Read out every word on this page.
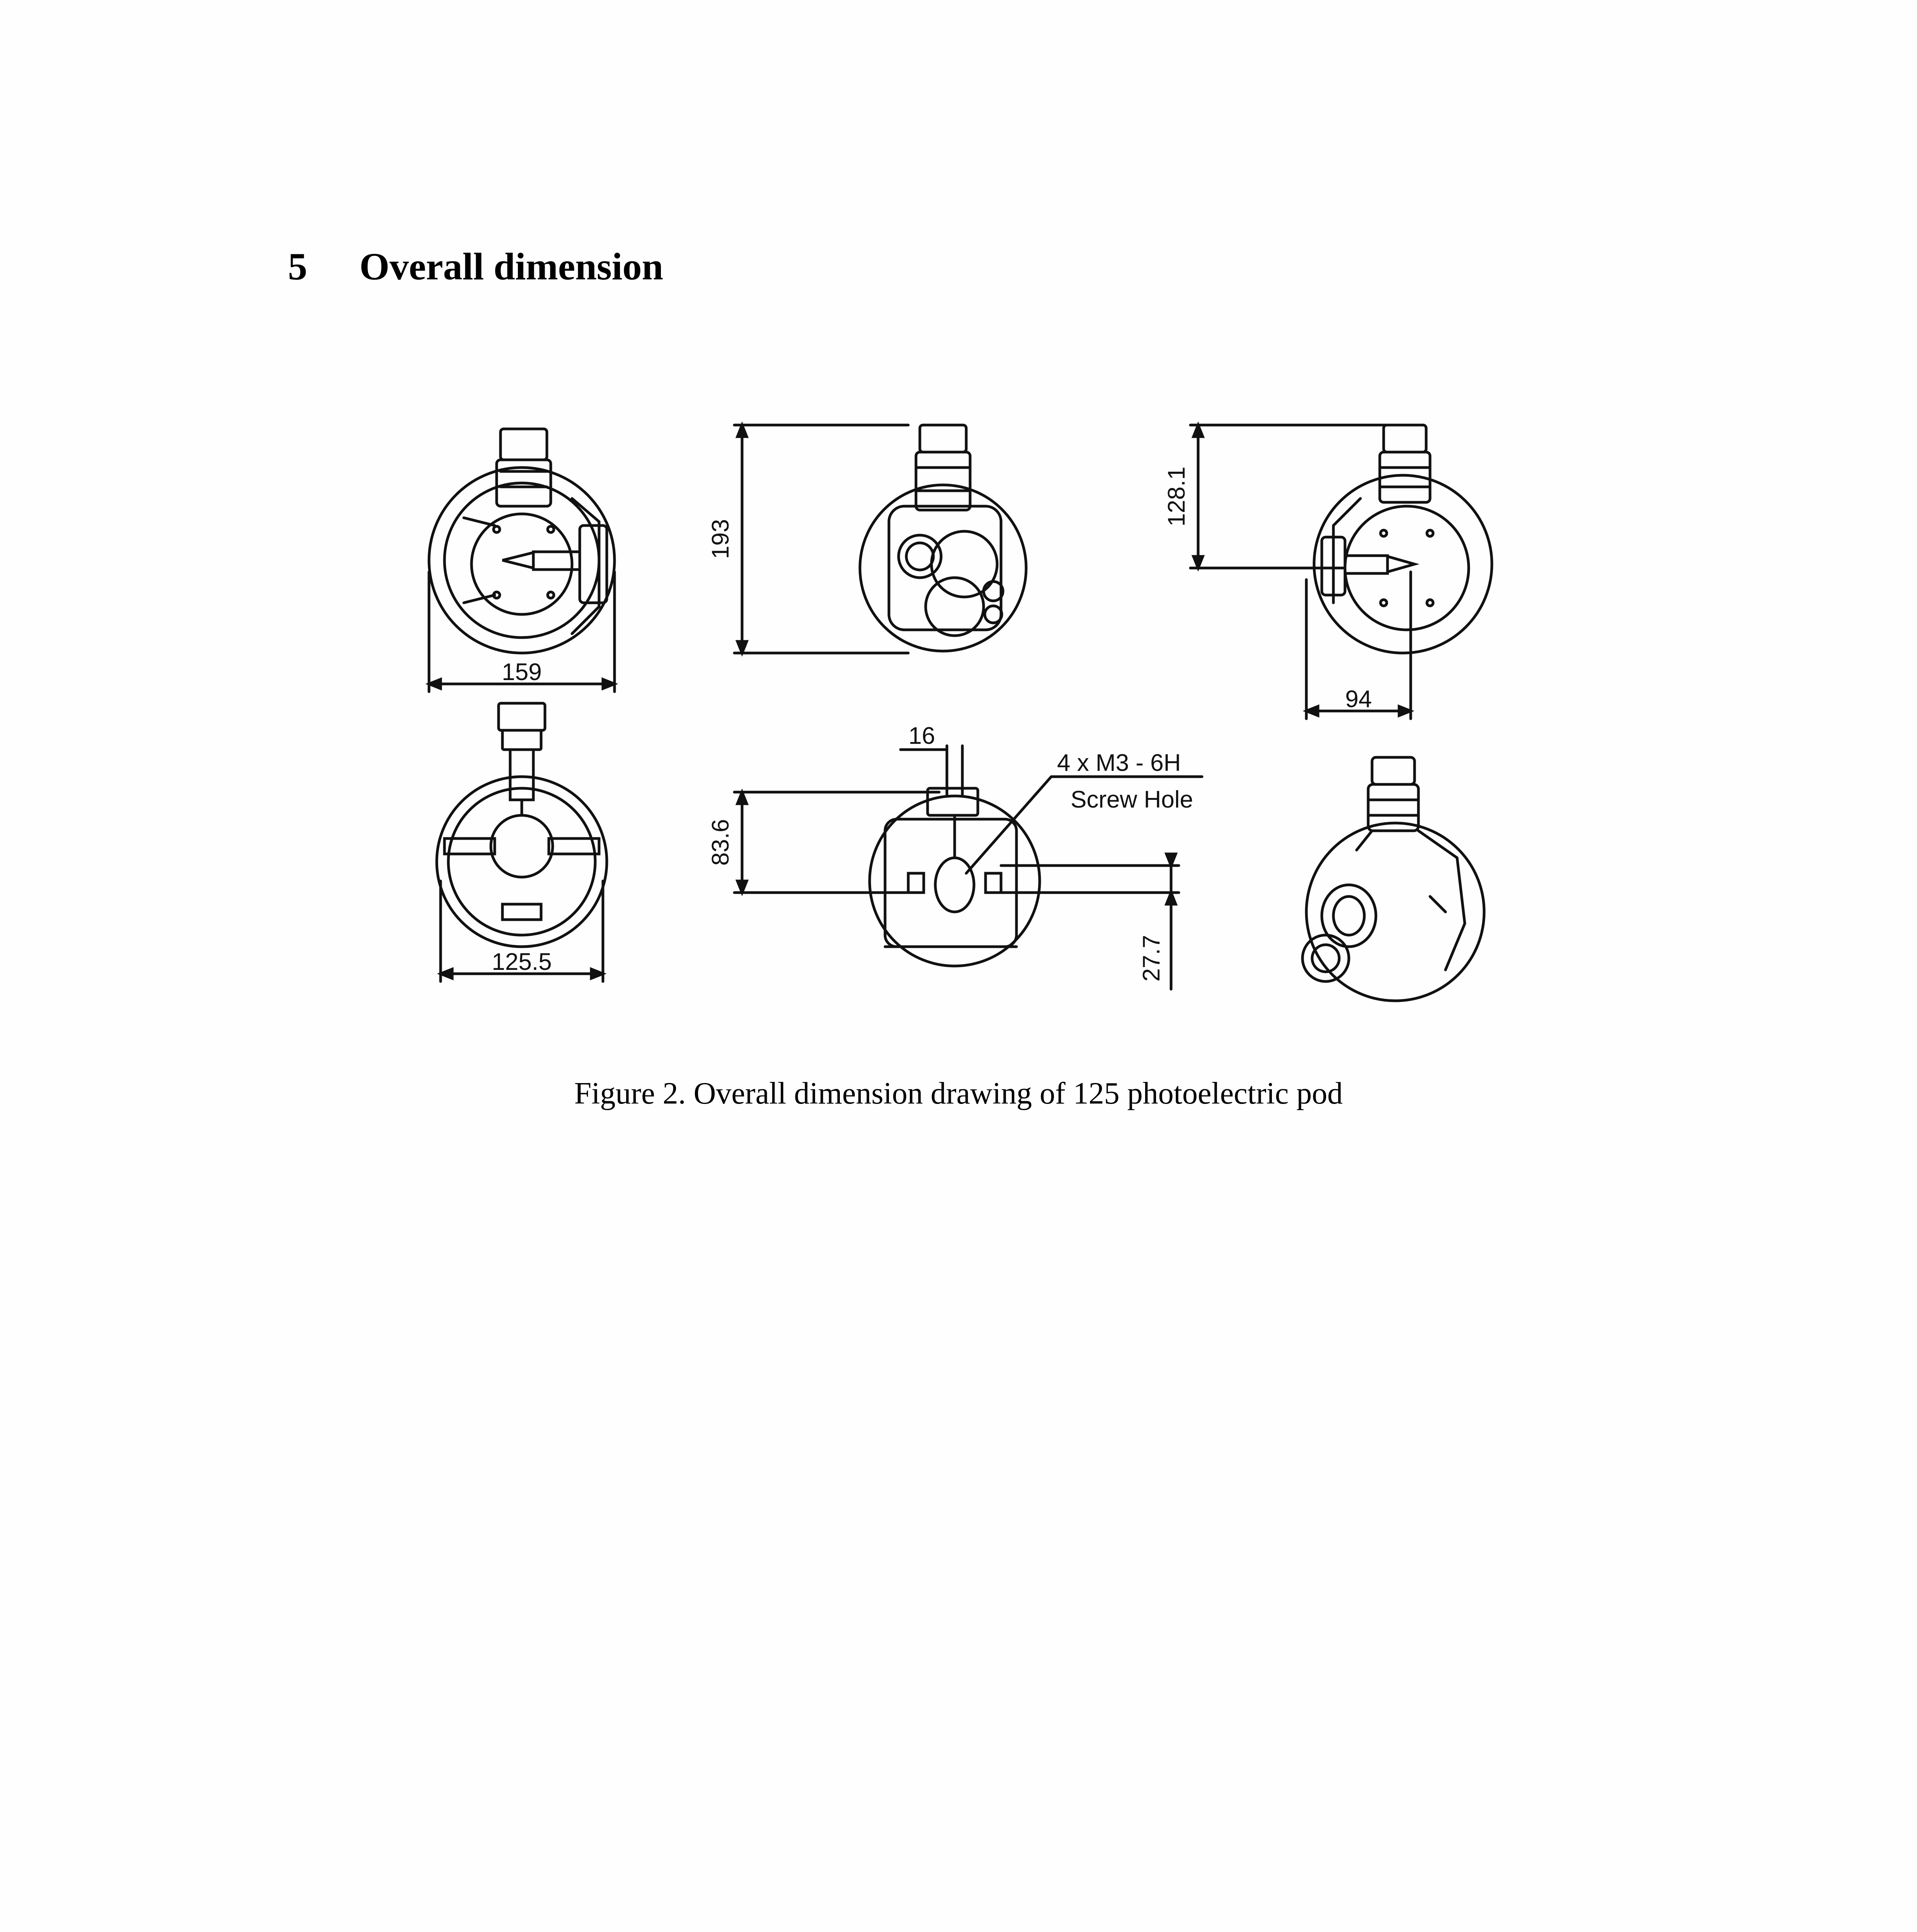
5 Overall dimension
159
193
128.1
94
125.5
16
83.6
27.7
4 x M3 - 6H
Screw Hole
Figure 2. Overall dimension drawing of 125 photoelectric pod
